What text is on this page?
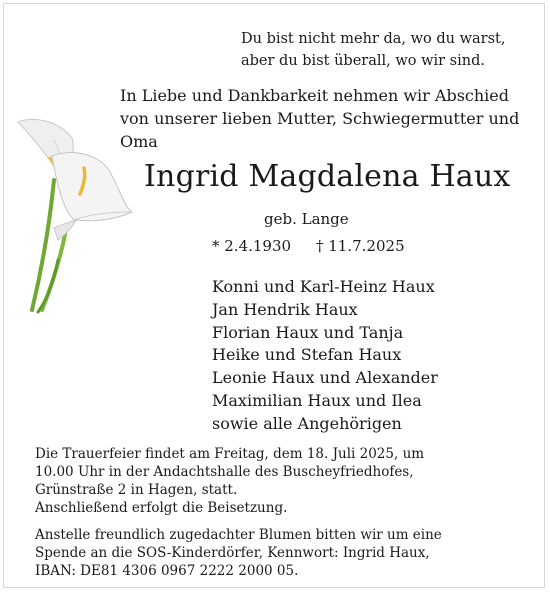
Du bist nicht mehr da, wo du warst,
aber du bist überall, wo wir sind.
In Liebe und Dankbarkeit nehmen wir Abschied
von unserer lieben Mutter, Schwiegermutter und
Oma
Ingrid Magdalena Haux
geb. Lange
* 2.4.1930 † 11.7.2025
Konni und Karl-Heinz Haux
Jan Hendrik Haux
Florian Haux und Tanja
Heike und Stefan Haux
Leonie Haux und Alexander
Maximilian Haux und Ilea
sowie alle Angehörigen
Die Trauerfeier findet am Freitag, dem 18. Juli 2025, um
10.00 Uhr in der Andachtshalle des Buscheyfriedhofes,
Grünstraße 2 in Hagen, statt.
Anschließend erfolgt die Beisetzung.
Anstelle freundlich zugedachter Blumen bitten wir um eine
Spende an die SOS-Kinderdörfer, Kennwort: Ingrid Haux,
IBAN: DE81 4306 0967 2222 2000 05.
